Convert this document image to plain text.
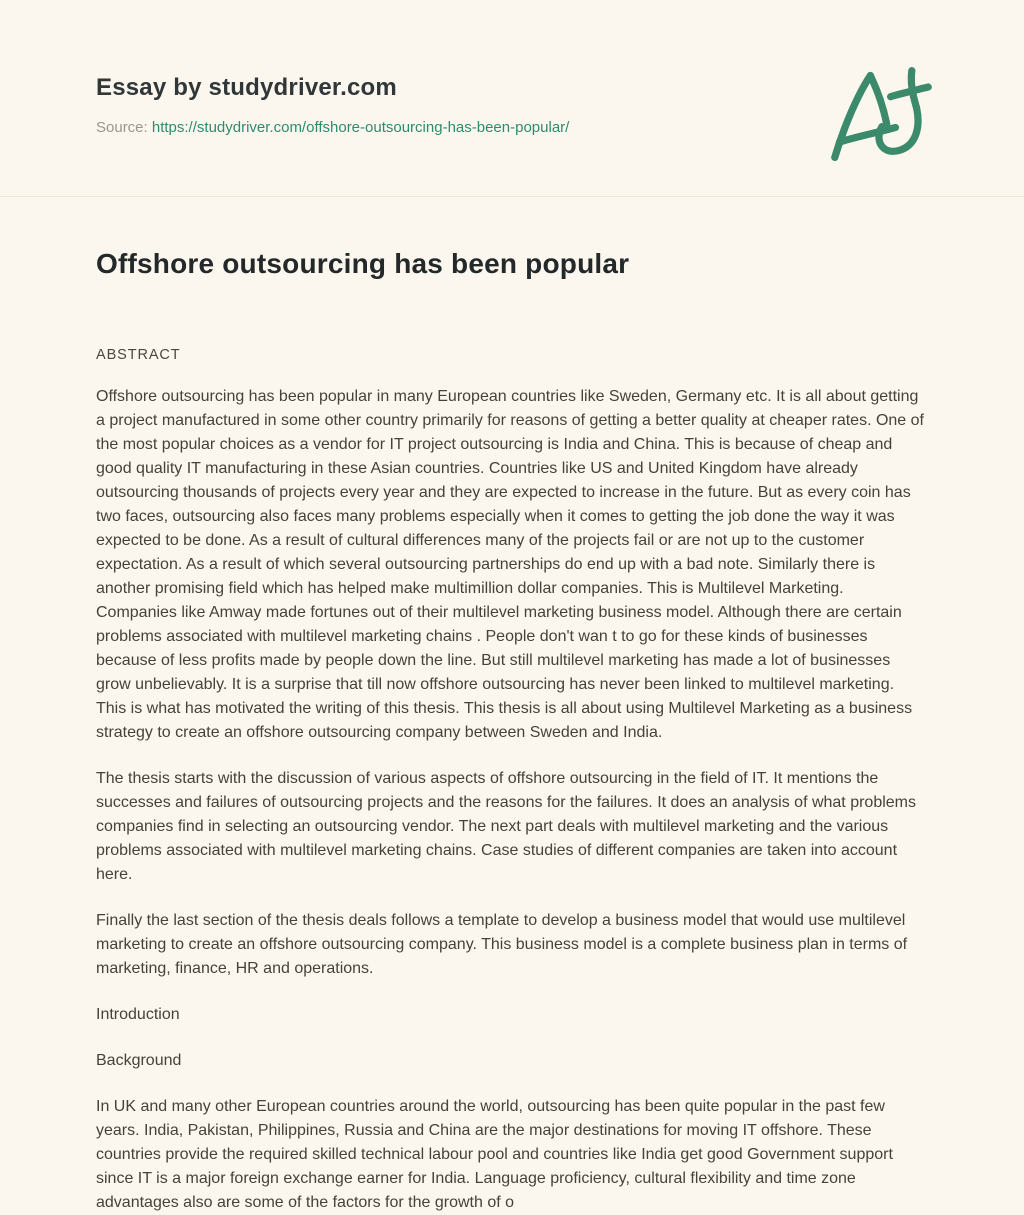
Essay by studydriver.com
Source: https://studydriver.com/offshore-outsourcing-has-been-popular/
Offshore outsourcing has been popular
ABSTRACT

Offshore outsourcing has been popular in many European countries like Sweden, Germany etc. It is all about getting a project manufactured in some other country primarily for reasons of getting a better quality at cheaper rates. One of the most popular choices as a vendor for IT project outsourcing is India and China. This is because of cheap and good quality IT manufacturing in these Asian countries. Countries like US and United Kingdom have already outsourcing thousands of projects every year and they are expected to increase in the future. But as every coin has two faces, outsourcing also faces many problems especially when it comes to getting the job done the way it was expected to be done. As a result of cultural differences many of the projects fail or are not up to the customer expectation. As a result of which several outsourcing partnerships do end up with a bad note. Similarly there is another promising field which has helped make multimillion dollar companies. This is Multilevel Marketing. Companies like Amway made fortunes out of their multilevel marketing business model. Although there are certain problems associated with multilevel marketing chains . People don't wan t to go for these kinds of businesses because of less profits made by people down the line. But still multilevel marketing has made a lot of businesses grow unbelievably. It is a surprise that till now offshore outsourcing has never been linked to multilevel marketing. This is what has motivated the writing of this thesis. This thesis is all about using Multilevel Marketing as a business strategy to create an offshore outsourcing company between Sweden and India.

The thesis starts with the discussion of various aspects of offshore outsourcing in the field of IT. It mentions the successes and failures of outsourcing projects and the reasons for the failures. It does an analysis of what problems companies find in selecting an outsourcing vendor. The next part deals with multilevel marketing and the various problems associated with multilevel marketing chains. Case studies of different companies are taken into account here.

Finally the last section of the thesis deals follows a template to develop a business model that would use multilevel marketing to create an offshore outsourcing company. This business model is a complete business plan in terms of marketing, finance, HR and operations.

Introduction

Background

In UK and many other European countries around the world, outsourcing has been quite popular in the past few years. India, Pakistan, Philippines, Russia and China are the major destinations for moving IT offshore. These countries provide the required skilled technical labour pool and countries like India get good Government support since IT is a major foreign exchange earner for India. Language proficiency, cultural flexibility and time zone advantages also are some of the factors for the growth of o
